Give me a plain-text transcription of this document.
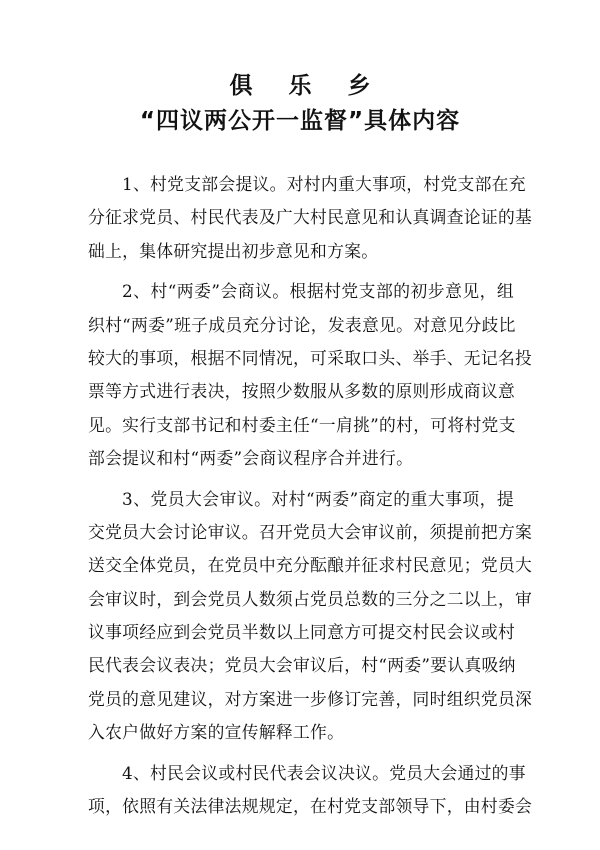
俱 乐 乡
“四议两公开一监督”具体内容
1、村党支部会提议。对村内重大事项，村党支部在充
分征求党员、村民代表及广大村民意见和认真调查论证的基
础上，集体研究提出初步意见和方案。
2、村“两委”会商议。根据村党支部的初步意见，组
织村“两委”班子成员充分讨论，发表意见。对意见分歧比
较大的事项，根据不同情况，可采取口头、举手、无记名投
票等方式进行表决，按照少数服从多数的原则形成商议意
见。实行支部书记和村委主任“一肩挑”的村，可将村党支
部会提议和村“两委”会商议程序合并进行。
3、党员大会审议。对村“两委”商定的重大事项，提
交党员大会讨论审议。召开党员大会审议前，须提前把方案
送交全体党员，在党员中充分酝酿并征求村民意见；党员大
会审议时，到会党员人数须占党员总数的三分之二以上，审
议事项经应到会党员半数以上同意方可提交村民会议或村
民代表会议表决；党员大会审议后，村“两委”要认真吸纳
党员的意见建议，对方案进一步修订完善，同时组织党员深
入农户做好方案的宣传解释工作。
4、村民会议或村民代表会议决议。党员大会通过的事
项，依照有关法律法规规定，在村党支部领导下，由村委会
